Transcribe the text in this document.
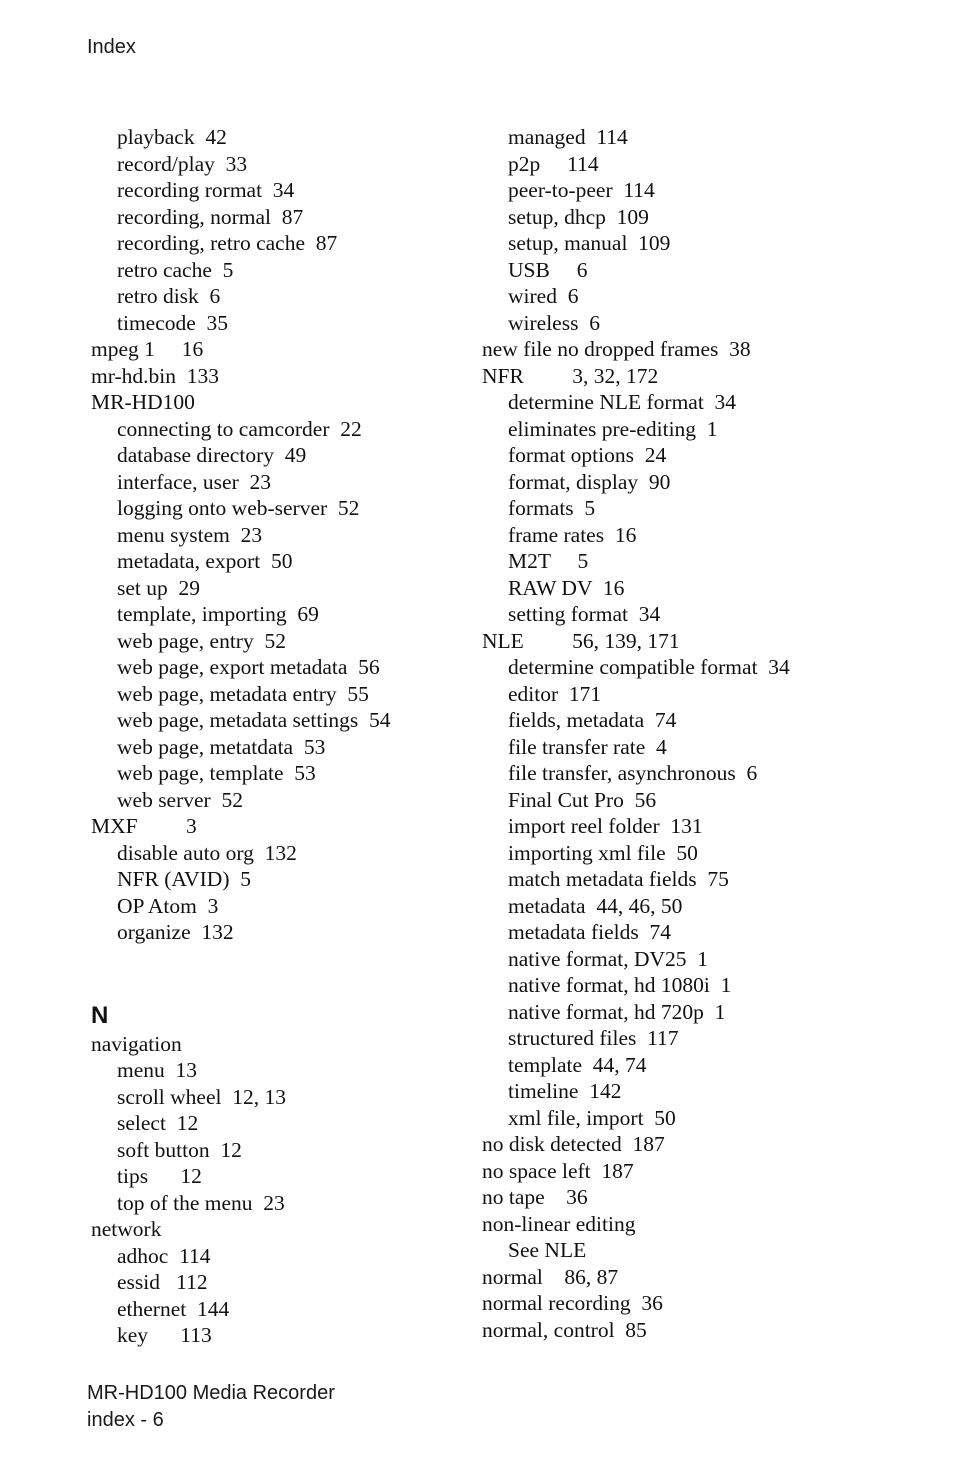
Index
playback  42
record/play  33
recording rormat  34
recording, normal  87
recording, retro cache  87
retro cache  5
retro disk  6
timecode  35
mpeg 1     16
mr-hd.bin  133
MR-HD100
connecting to camcorder  22
database directory  49
interface, user  23
logging onto web-server  52
menu system  23
metadata, export  50
set up  29
template, importing  69
web page, entry  52
web page, export metadata  56
web page, metadata entry  55
web page, metadata settings  54
web page, metatdata  53
web page, template  53
web server  52
MXF         3
disable auto org  132
NFR (AVID)  5
OP Atom  3
organize  132
N
navigation
menu  13
scroll wheel  12, 13
select  12
soft button  12
tips      12
top of the menu  23
network
adhoc  114
essid   112
ethernet  144
key      113
managed  114
p2p     114
peer-to-peer  114
setup, dhcp  109
setup, manual  109
USB     6
wired  6
wireless  6
new file no dropped frames  38
NFR         3, 32, 172
determine NLE format  34
eliminates pre-editing  1
format options  24
format, display  90
formats  5
frame rates  16
M2T     5
RAW DV  16
setting format  34
NLE         56, 139, 171
determine compatible format  34
editor  171
fields, metadata  74
file transfer rate  4
file transfer, asynchronous  6
Final Cut Pro  56
import reel folder  131
importing xml file  50
match metadata fields  75
metadata  44, 46, 50
metadata fields  74
native format, DV25  1
native format, hd 1080i  1
native format, hd 720p  1
structured files  117
template  44, 74
timeline  142
xml file, import  50
no disk detected  187
no space left  187
no tape    36
non-linear editing
See NLE
normal    86, 87
normal recording  36
normal, control  85
MR-HD100 Media Recorder
index - 6
